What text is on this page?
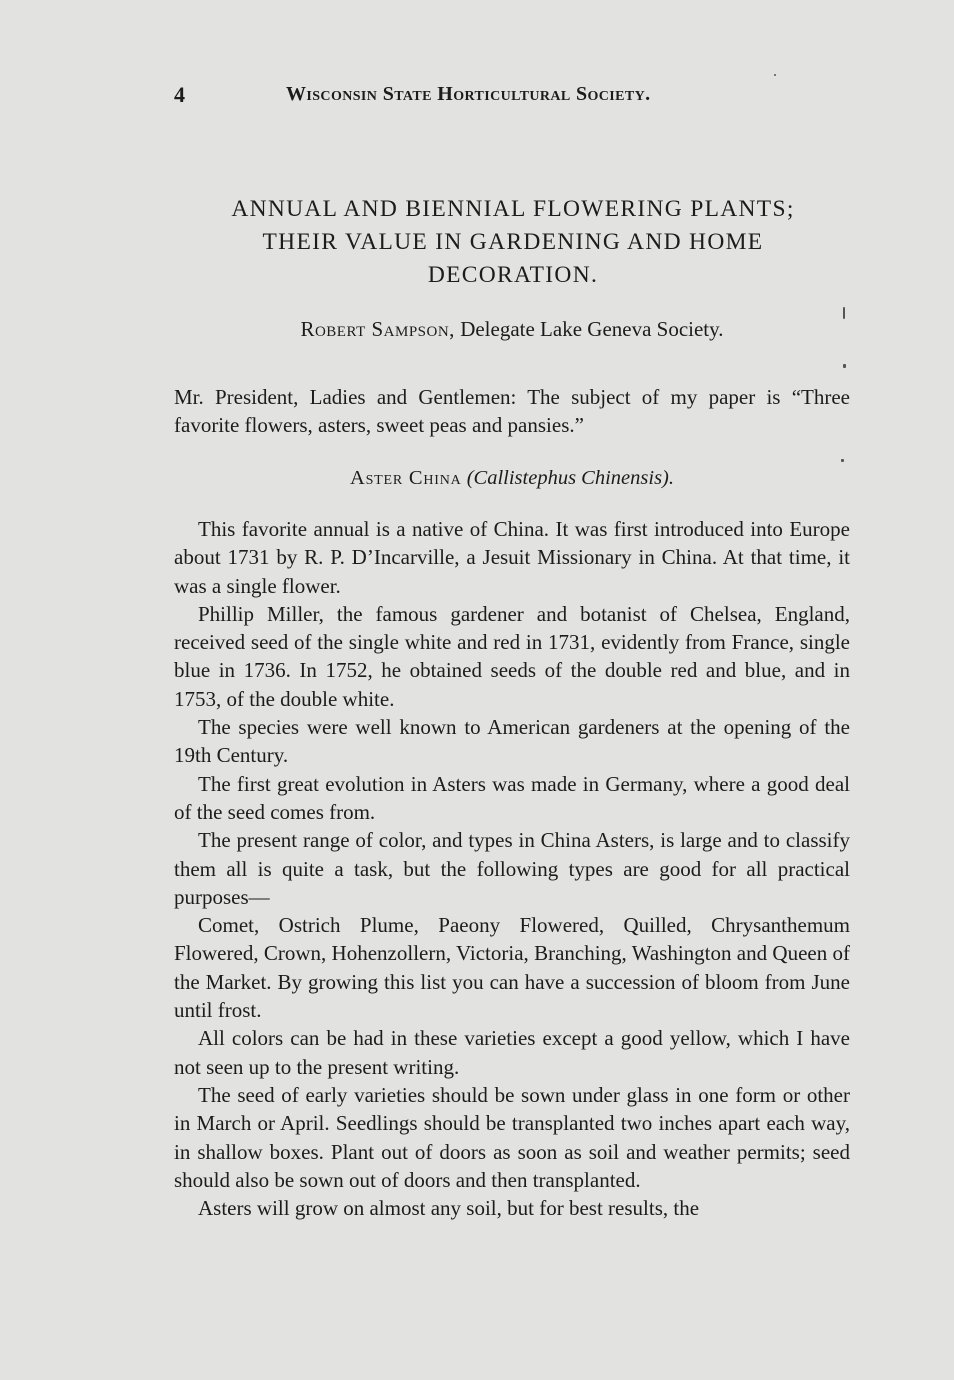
4	Wisconsin State Horticultural Society.
ANNUAL AND BIENNIAL FLOWERING PLANTS;
THEIR VALUE IN GARDENING AND HOME
DECORATION.
Robert Sampson, Delegate Lake Geneva Society.
Mr. President, Ladies and Gentlemen: The subject of my paper is “Three favorite flowers, asters, sweet peas and pansies.”
Aster China (Callistephus Chinensis).

This favorite annual is a native of China. It was first introduced into Europe about 1731 by R. P. D’Incarville, a Jesuit Missionary in China. At that time, it was a single flower.

Phillip Miller, the famous gardener and botanist of Chelsea, England, received seed of the single white and red in 1731, evidently from France, single blue in 1736. In 1752, he obtained seeds of the double red and blue, and in 1753, of the double white.

The species were well known to American gardeners at the opening of the 19th Century.

The first great evolution in Asters was made in Germany, where a good deal of the seed comes from.

The present range of color, and types in China Asters, is large and to classify them all is quite a task, but the following types are good for all practical purposes—

Comet, Ostrich Plume, Paeony Flowered, Quilled, Chrysanthemum Flowered, Crown, Hohenzollern, Victoria, Branching, Washington and Queen of the Market. By growing this list you can have a succession of bloom from June until frost.

All colors can be had in these varieties except a good yellow, which I have not seen up to the present writing.

The seed of early varieties should be sown under glass in one form or other in March or April. Seedlings should be transplanted two inches apart each way, in shallow boxes. Plant out of doors as soon as soil and weather permits; seed should also be sown out of doors and then transplanted.

Asters will grow on almost any soil, but for best results, the
